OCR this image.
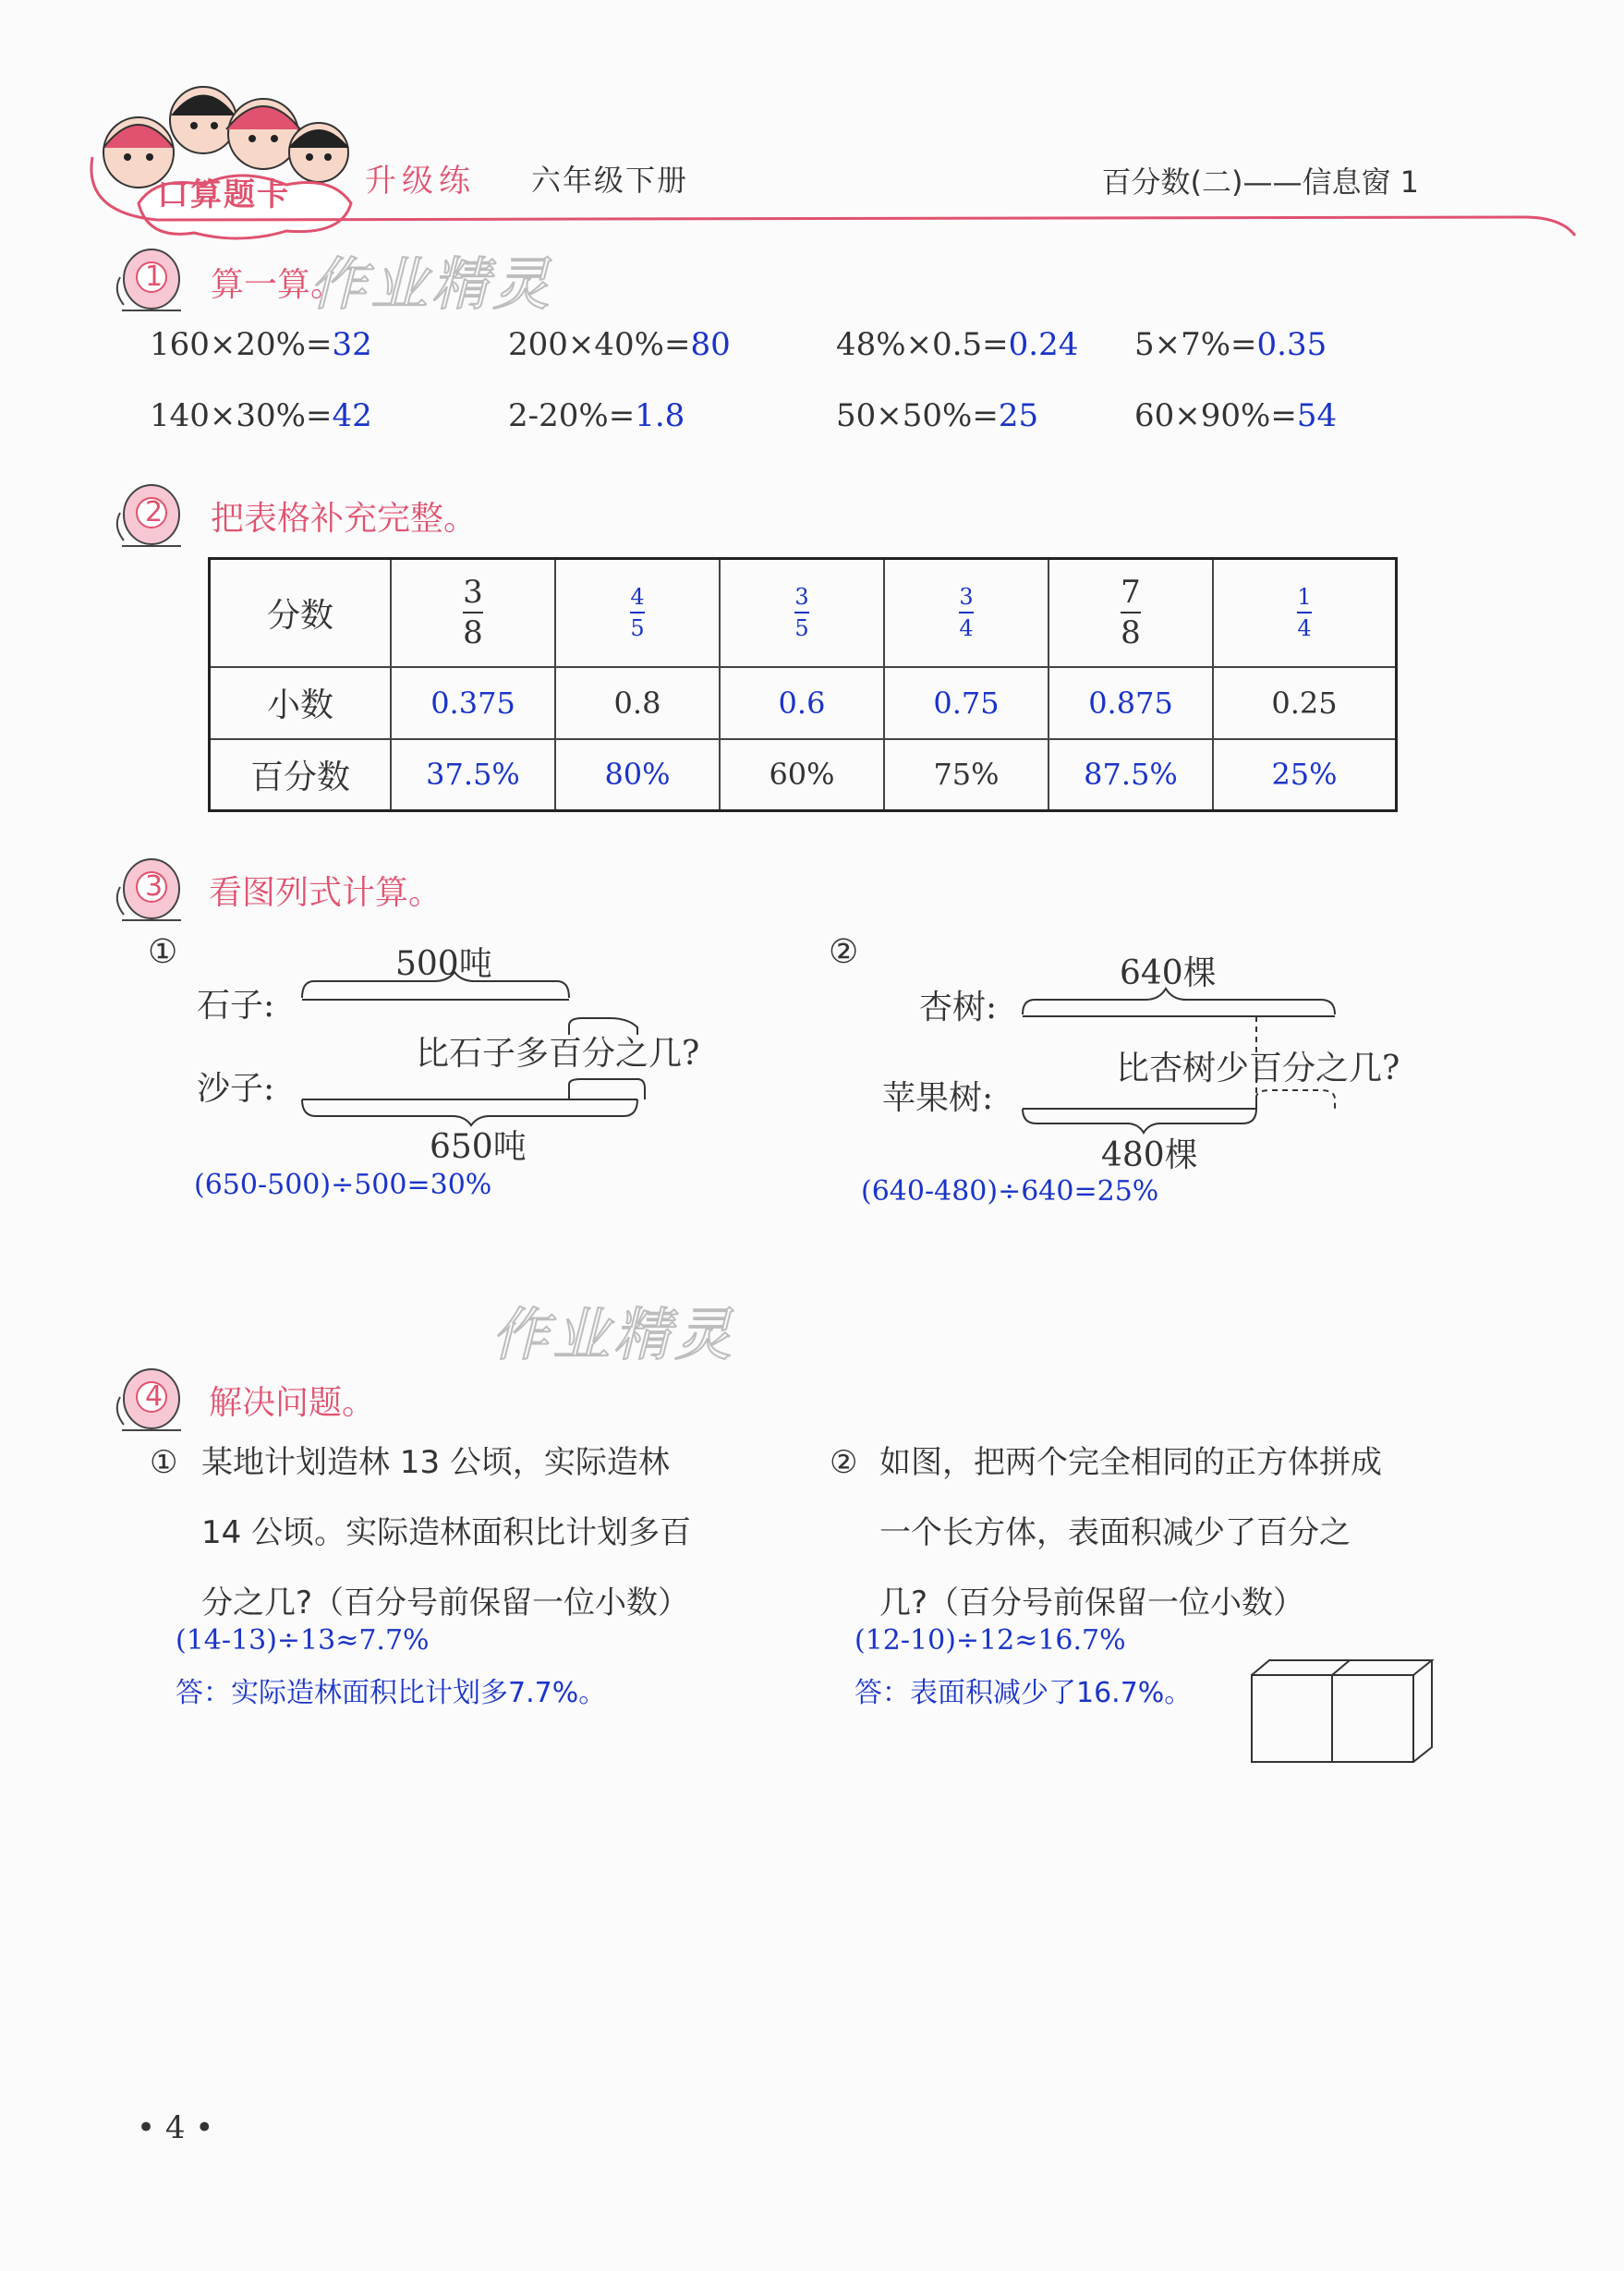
口算题卡 升级练 六年级下册	百分数(二)——信息窗 1
1 算一算。
作业精灵
160×20%=32	200×40%=80	48%×0.5=0.24 5×7%=0.35
140×30%=42	2-20%=1.8	50×50%=25	60×90%=54
2 把表格补充完整。
分数	$\frac{3}{8}$	$\frac{4}{5}$	$\frac{3}{5}$	$\frac{3}{4}$	$\frac{7}{8}$	$\frac{1}{4}$

小数	0.375	0.8	0.6	0.75	0.875	0.25
百分数	37.5%	80%	60%	75%	87.5%	25%
3 看图列式计算。
①	500吨
石子:
比石子多百分之几?
沙子:
650吨
(650-500)÷500=30%
②
640棵
杏树:
比杏树少百分之几?
苹果树:
480棵
(640-480)÷640=25%
作业精灵
4 解决问题。
① 某地计划造林 13 公顷，实际造林
14 公顷。实际造林面积比计划多百
分之几?（百分号前保留一位小数）
(14-13)÷13≈7.7%
答：实际造林面积比计划多7.7%。
② 如图，把两个完全相同的正方体拼成
一个长方体，表面积减少了百分之
几?（百分号前保留一位小数）
(12-10)÷12≈16.7%
答：表面积减少了16.7%。
• 4 •
